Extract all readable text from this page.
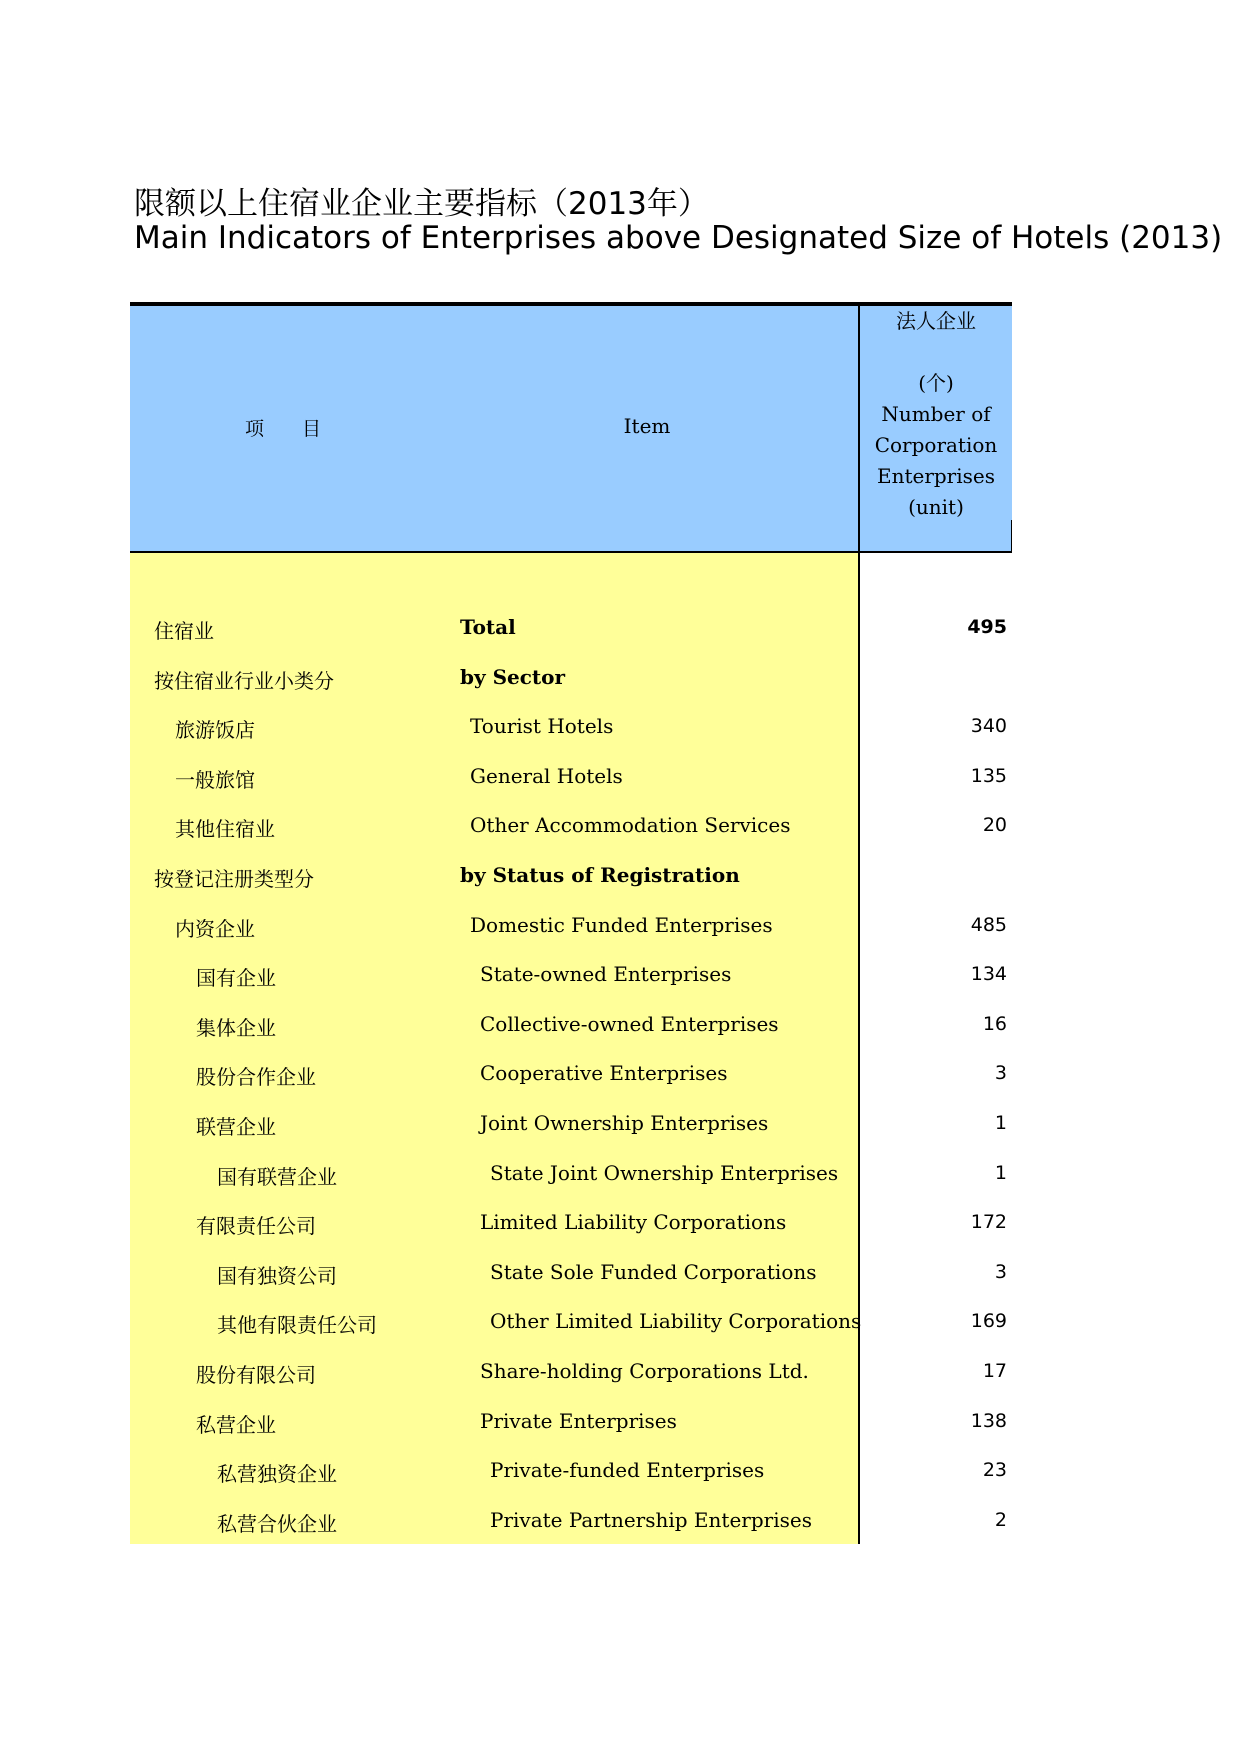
限额以上住宿业企业主要指标（2013年）
Main Indicators of Enterprises above Designated Size of Hotels (2013)
项目	Item
法人企业
(个)
Number of
Corporation
Enterprises
(unit)
住宿业	Total	495
按住宿业行业小类分	by Sector
旅游饭店	Tourist Hotels	340
一般旅馆	General Hotels	135
其他住宿业	Other Accommodation Services	20
按登记注册类型分	by Status of Registration
内资企业	Domestic Funded Enterprises	485
国有企业	State-owned Enterprises	134
集体企业	Collective-owned Enterprises	16
股份合作企业	Cooperative Enterprises	3
联营企业	Joint Ownership Enterprises	1
国有联营企业	State Joint Ownership Enterprises	1
有限责任公司	Limited Liability Corporations	172
国有独资公司	State Sole Funded Corporations	3
其他有限责任公司	Other Limited Liability Corporations	169
股份有限公司	Share-holding Corporations Ltd.	17
私营企业	Private Enterprises	138
私营独资企业	Private-funded Enterprises	23
私营合伙企业	Private Partnership Enterprises	2
